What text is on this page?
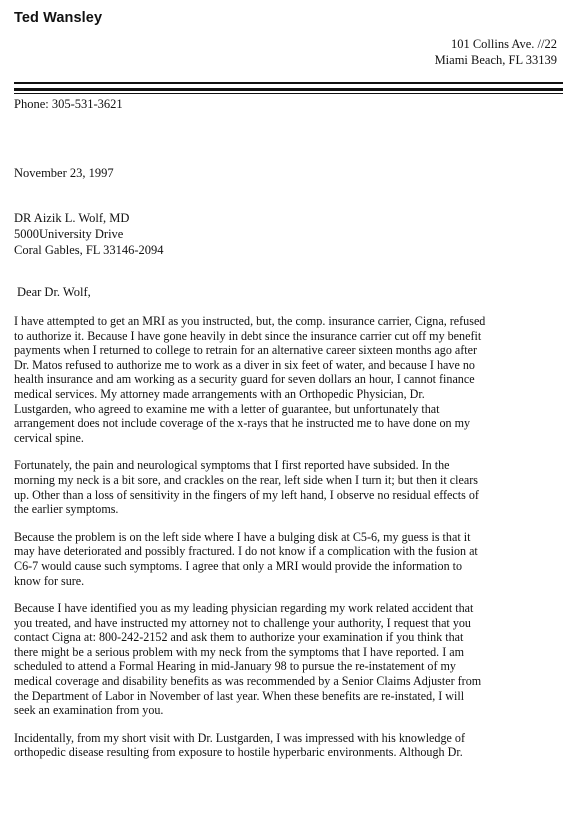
Ted Wansley
101 Collins Ave. //22
Miami Beach, FL 33139
Phone: 305-531-3621
November 23, 1997
DR Aizik L. Wolf, MD
5000University Drive
Coral Gables, FL 33146-2094
Dear Dr. Wolf,

I have attempted to get an MRI as you instructed, but, the comp. insurance carrier, Cigna, refused
to authorize it. Because I have gone heavily in debt since the insurance carrier cut off my benefit
payments when I returned to college to retrain for an alternative career sixteen months ago after
Dr. Matos refused to authorize me to work as a diver in six feet of water, and because I have no
health insurance and am working as a security guard for seven dollars an hour, I cannot finance
medical services. My attorney made arrangements with an Orthopedic Physician, Dr.
Lustgarden, who agreed to examine me with a letter of guarantee, but unfortunately that
arrangement does not include coverage of the x-rays that he instructed me to have done on my
cervical spine.

Fortunately, the pain and neurological symptoms that I first reported have subsided. In the
morning my neck is a bit sore, and crackles on the rear, left side when I turn it; but then it clears
up. Other than a loss of sensitivity in the fingers of my left hand, I observe no residual effects of
the earlier symptoms.

Because the problem is on the left side where I have a bulging disk at C5-6, my guess is that it
may have deteriorated and possibly fractured. I do not know if a complication with the fusion at
C6-7 would cause such symptoms. I agree that only a MRI would provide the information to
know for sure.

Because I have identified you as my leading physician regarding my work related accident that
you treated, and have instructed my attorney not to challenge your authority, I request that you
contact Cigna at: 800-242-2152 and ask them to authorize your examination if you think that
there might be a serious problem with my neck from the symptoms that I have reported. I am
scheduled to attend a Formal Hearing in mid-January 98 to pursue the re-instatement of my
medical coverage and disability benefits as was recommended by a Senior Claims Adjuster from
the Department of Labor in November of last year. When these benefits are re-instated, I will
seek an examination from you.

Incidentally, from my short visit with Dr. Lustgarden, I was impressed with his knowledge of
orthopedic disease resulting from exposure to hostile hyperbaric environments. Although Dr.
